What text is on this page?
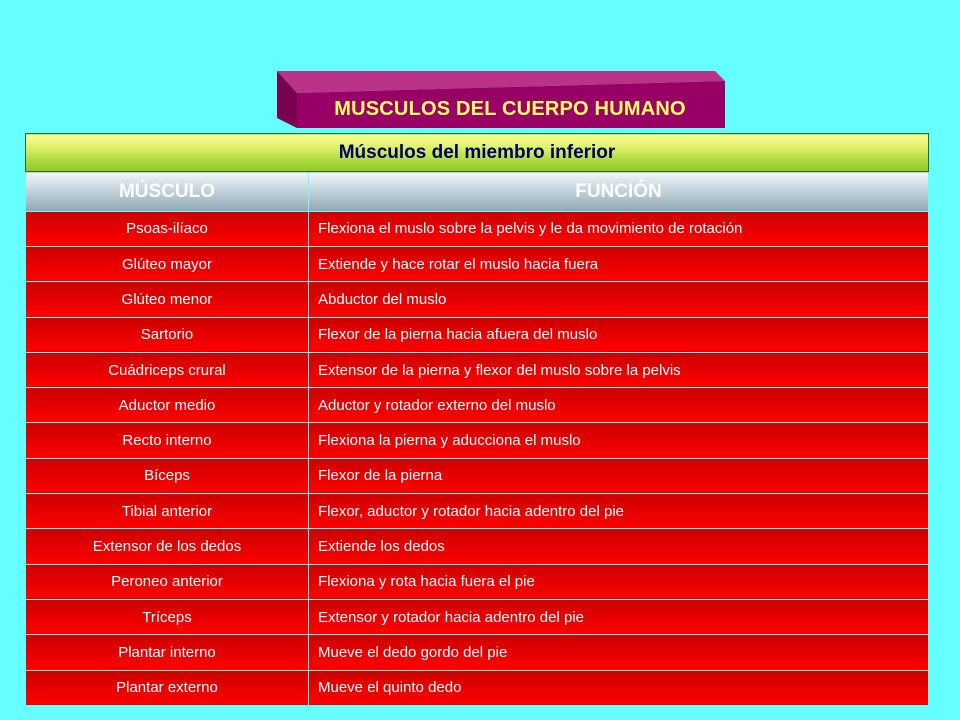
MUSCULOS DEL CUERPO HUMANO
Músculos del miembro inferior	
MÚSCULO	FUNCIÓN
Psoas-ilíaco	Flexiona el muslo sobre la pelvis y le da movimiento de rotación
Glúteo mayor	Extiende y hace rotar el muslo hacia fuera
Glúteo menor	Abductor del muslo
Sartorio	Flexor de la pierna hacia afuera del muslo
Cuádriceps crural	Extensor de la pierna y flexor del muslo sobre la pelvis
Aductor medio	Aductor y rotador externo del muslo
Recto interno	Flexiona la pierna y aducciona el muslo
Bíceps	Flexor de la pierna
Tibial anterior	Flexor, aductor y rotador hacia adentro del pie
Extensor de los dedos	Extiende los dedos
Peroneo anterior	Flexiona y rota hacia fuera el pie
Tríceps	Extensor y rotador hacia adentro del pie
Plantar interno	Mueve el dedo gordo del pie
Plantar externo	Mueve el quinto dedo
